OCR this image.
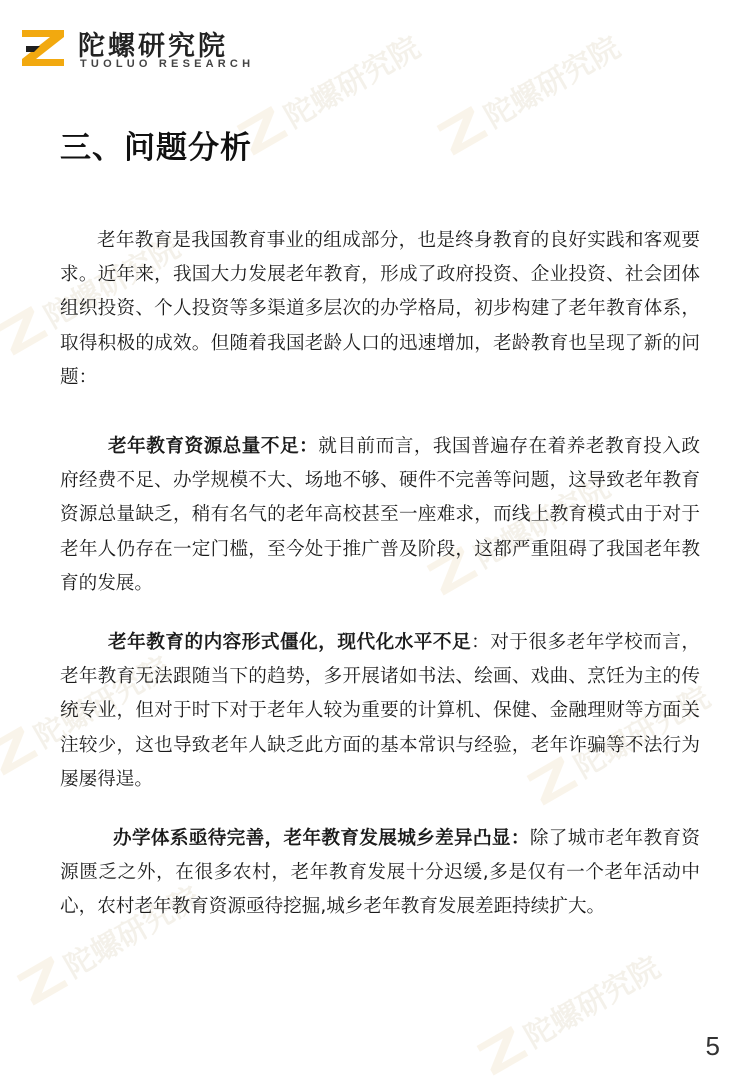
陀螺研究院
TUOLUO RESEARCH 陀螺研究院	陀螺研究院
陀螺研究院
陀螺研究院
陀螺研究院	陀螺研究院
陀螺研究院
陀螺研究院
三、问题分析
老年教育是我国教育事业的组成部分，也是终身教育的良好实践和客观要求。近年来，我国大力发展老年教育，形成了政府投资、企业投资、社会团体组织投资、个人投资等多渠道多层次的办学格局，初步构建了老年教育体系，取得积极的成效。但随着我国老龄人口的迅速增加，老龄教育也呈现了新的问题：
老年教育资源总量不足：就目前而言，我国普遍存在着养老教育投入政府经费不足、办学规模不大、场地不够、硬件不完善等问题，这导致老年教育资源总量缺乏，稍有名气的老年高校甚至一座难求，而线上教育模式由于对于老年人仍存在一定门槛，至今处于推广普及阶段，这都严重阻碍了我国老年教育的发展。
老年教育的内容形式僵化，现代化水平不足：对于很多老年学校而言，老年教育无法跟随当下的趋势，多开展诸如书法、绘画、戏曲、烹饪为主的传统专业，但对于时下对于老年人较为重要的计算机、保健、金融理财等方面关注较少，这也导致老年人缺乏此方面的基本常识与经验，老年诈骗等不法行为屡屡得逞。
办学体系亟待完善，老年教育发展城乡差异凸显：除了城市老年教育资源匮乏之外，在很多农村，老年教育发展十分迟缓,多是仅有一个老年活动中心，农村老年教育资源亟待挖掘,城乡老年教育发展差距持续扩大。
5
